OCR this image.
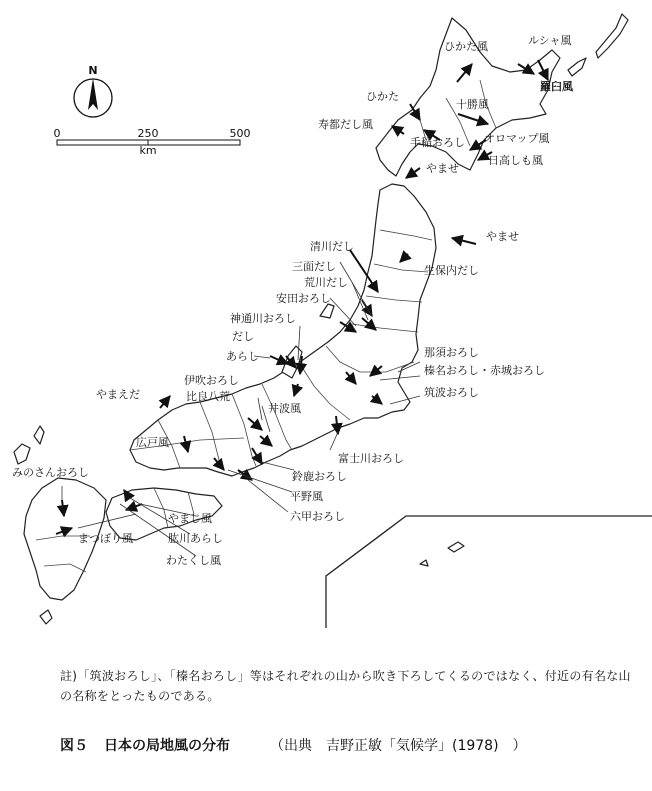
N
0	250	500
km
ひかた風	ルシャ風
羅臼風
ひかた
十勝風
寿都だし風
手稲おろし オロマップ風
日高しも風
やませ
やませ
清川だし
生保内だし
三面だし
荒川だし
安田おろし
神通川おろし
だし
あらし	那須おろし
榛名おろし・赤城おろし
伊吹おろし
比良八荒	筑波おろし
やまえだ
井波風
広戸風
富士川おろし
鈴鹿おろし
みのさんおろし
平野風
やまじ風	六甲おろし
肱川あらし
まつぼり風
わたくし風
註)「筑波おろし」、「榛名おろし」等はそれぞれの山から吹き下ろしてくるのではなく、付近の有名な山の名称をとったものである。
図５ 日本の局地風の分布	（出典　吉野正敏「気候学」(1978)　）
